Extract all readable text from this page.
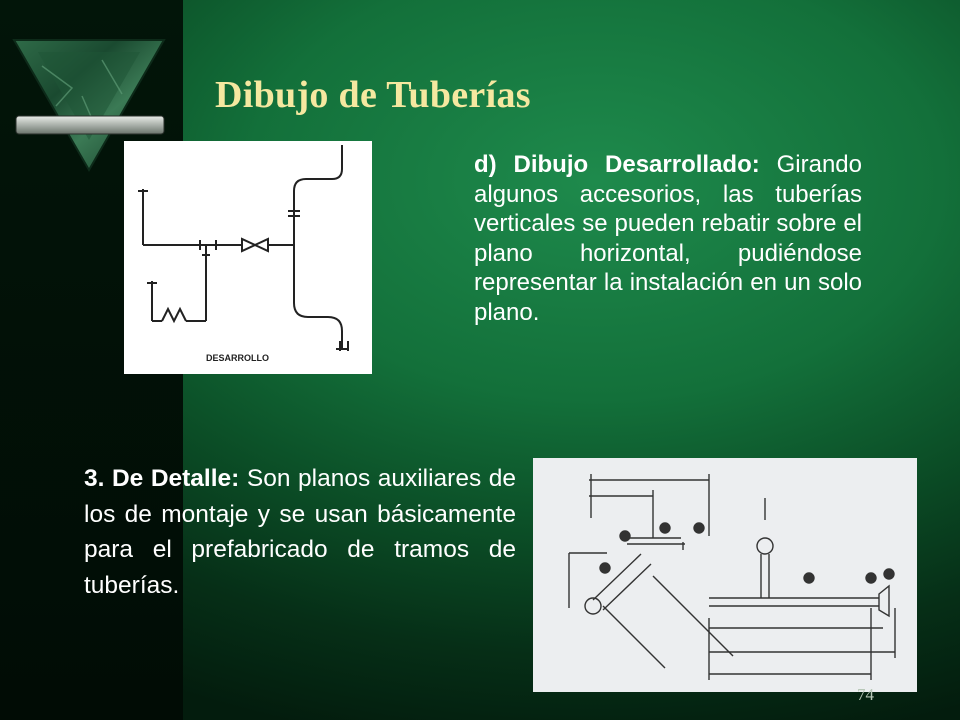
Dibujo de Tuberías
DESARROLLO

d) Dibujo Desarrollado: Girando algunos accesorios, las tuberías verticales se pueden rebatir sobre el plano horizontal, pudiéndose representar la instalación en un solo plano.

3. De Detalle: Son planos auxiliares de los de montaje y se usan básicamente para el prefabricado de tramos de tuberías.

4
3	5
2
1	6 5
74
